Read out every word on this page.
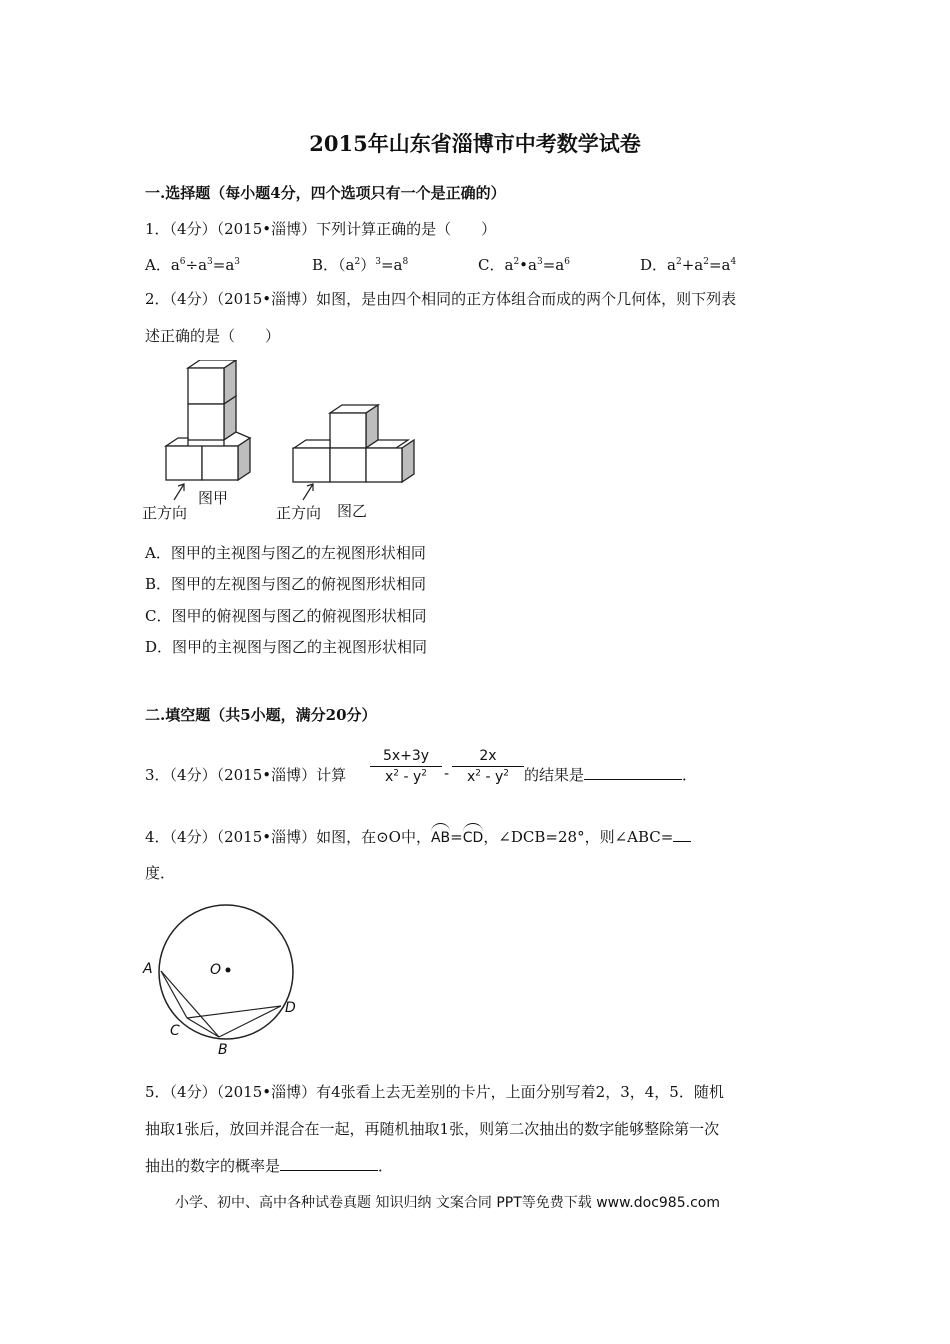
2015年山东省淄博市中考数学试卷
一.选择题（每小题4分，四个选项只有一个是正确的）
1．（4分）（2015•淄博）下列计算正确的是（　　）
A．$a^6\div a^3=a^3$	B．$(a^2)^3=a^8$	C．$a^2•a^3=a^6$	D．$a^2+a^2=a^4$
2．（4分）（2015•淄博）如图，是由四个相同的正方体组合而成的两个几何体，则下列表
述正确的是（　　）
正方向
图甲
正方向 图乙
A．图甲的主视图与图乙的左视图形状相同
B．图甲的左视图与图乙的俯视图形状相同
C．图甲的俯视图与图乙的俯视图形状相同
D．图甲的主视图与图乙的主视图形状相同
二.填空题（共5小题，满分20分）
3．（4分）（2015•淄博）计算 $\frac{5x+3y}{x^2 - y^2} - \frac{2x}{x^2 - y^2}$ 的结果是	．
4．（4分）（2015•淄博）如图，在⊙O中，AB=CD，∠DCB=28°，则∠ABC=
度．
A	O
D
C
B
5．（4分）（2015•淄博）有4张看上去无差别的卡片，上面分别写着2，3，4，5．随机
抽取1张后，放回并混合在一起，再随机抽取1张，则第二次抽出的数字能够整除第一次
抽出的数字的概率是	．
小学、初中、高中各种试卷真题 知识归纳 文案合同 PPT等免费下载 www.doc985.com
